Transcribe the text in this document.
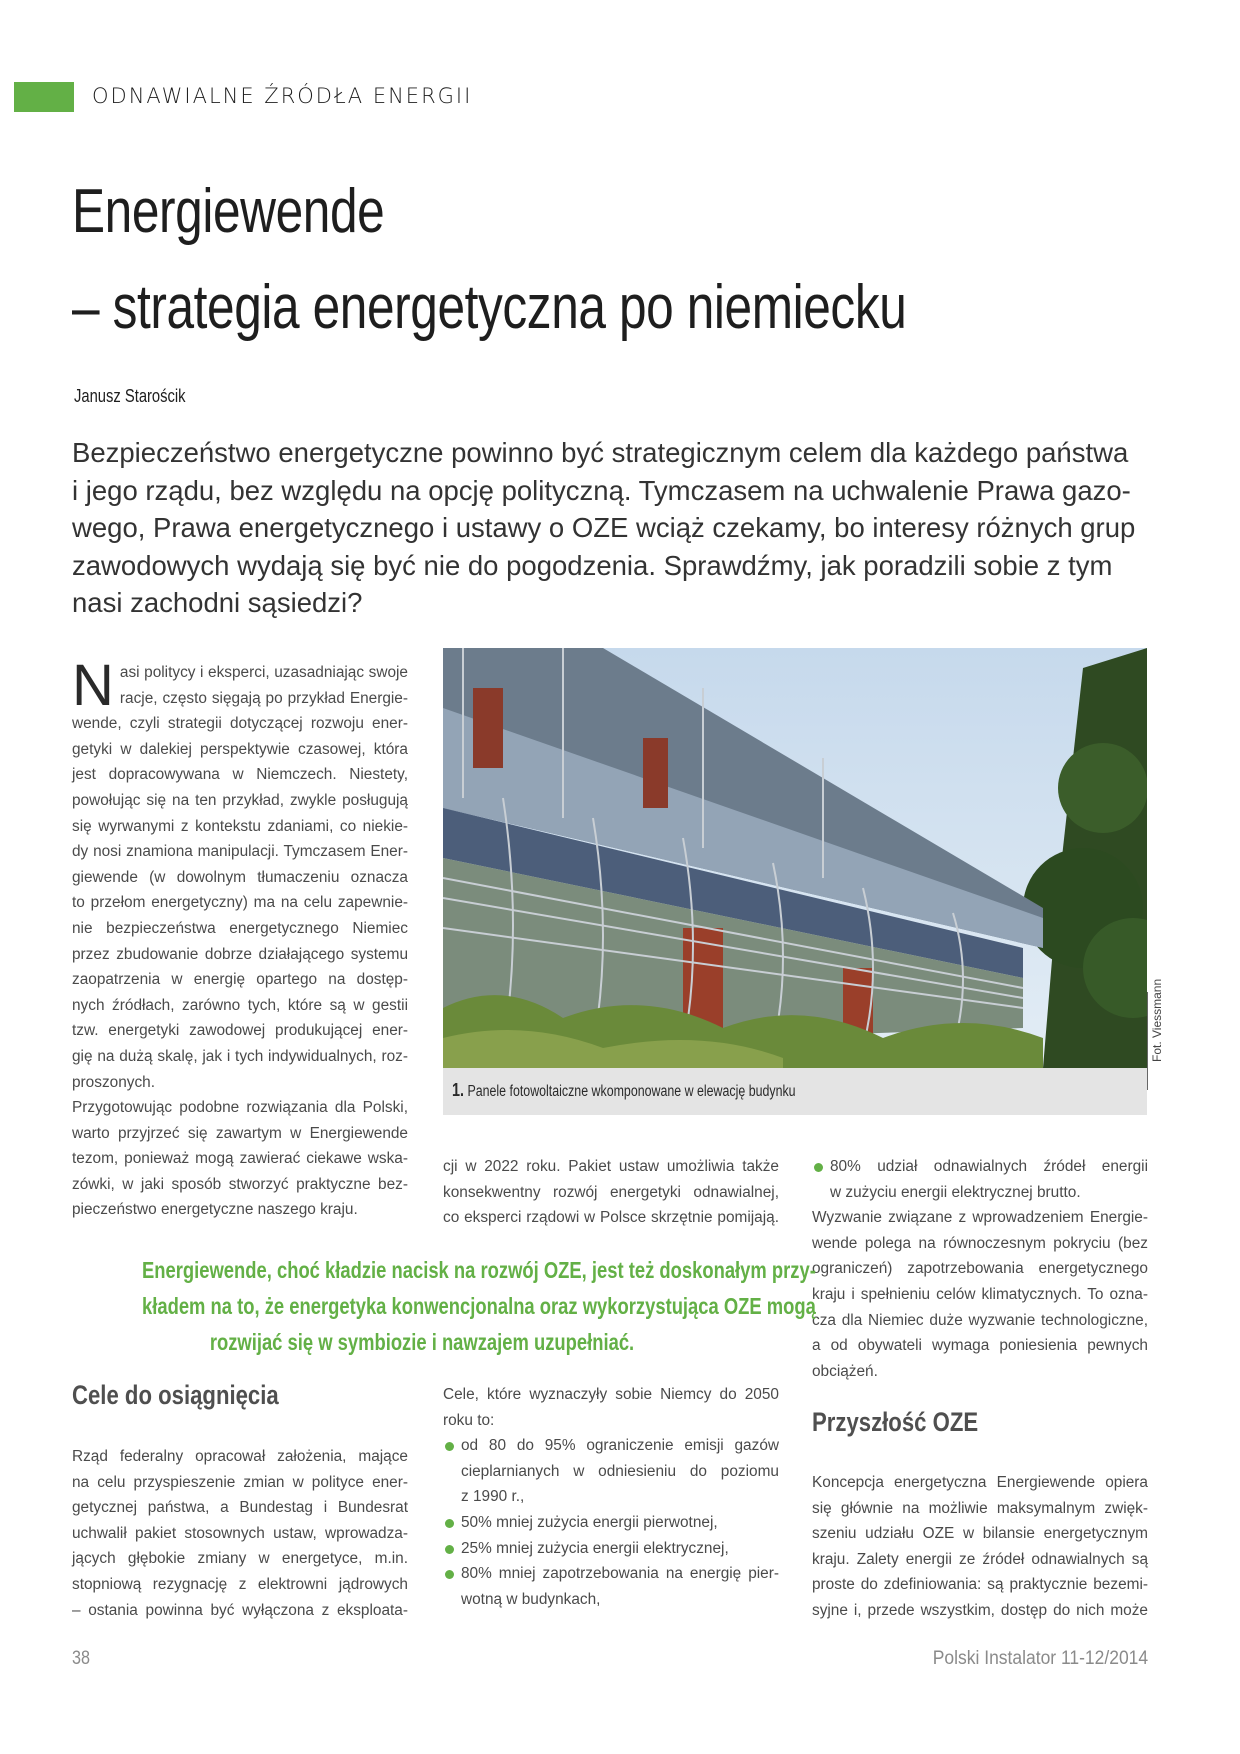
ODNAWIALNE ŹRÓDŁA ENERGII
Energiewende
– strategia energetyczna po niemiecku
Janusz Starościk
Bezpieczeństwo energetyczne powinno być strategicznym celem dla każdego państwa
i jego rządu, bez względu na opcję polityczną. Tymczasem na uchwalenie Prawa gazo-
wego, Prawa energetycznego i ustawy o OZE wciąż czekamy, bo interesy różnych grup
zawodowych wydają się być nie do pogodzenia. Sprawdźmy, jak poradzili sobie z tym
nasi zachodni sąsiedzi?
N asi politycy i eksperci, uzasadniając swoje
racje, często sięgają po przykład Energie-
wende, czyli strategii dotyczącej rozwoju ener-
getyki w dalekiej perspektywie czasowej, która
jest dopracowywana w Niemczech. Niestety,
powołując się na ten przykład, zwykle posługują
się wyrwanymi z kontekstu zdaniami, co niekie-
dy nosi znamiona manipulacji. Tymczasem Ener-
giewende (w dowolnym tłumaczeniu oznacza
to przełom energetyczny) ma na celu zapewnie-
nie bezpieczeństwa energetycznego Niemiec
przez zbudowanie dobrze działającego systemu
zaopatrzenia w energię opartego na dostęp-
nych źródłach, zarówno tych, które są w gestii
tzw. energetyki zawodowej produkującej ener-
gię na dużą skalę, jak i tych indywidualnych, roz-
proszonych.
Przygotowując podobne rozwiązania dla Polski,
warto przyjrzeć się zawartym w Energiewende
tezom, ponieważ mogą zawierać ciekawe wska-
zówki, w jaki sposób stworzyć praktyczne bez-
pieczeństwo energetyczne naszego kraju.
1. Panele fotowoltaiczne wkomponowane w elewację budynku
Fot. Viessmann
cji w 2022 roku. Pakiet ustaw umożliwia także
konsekwentny rozwój energetyki odnawialnej,
co eksperci rządowi w Polsce skrzętnie pomijają.
80% udział odnawialnych źródeł energii
w zużyciu energii elektrycznej brutto.
Wyzwanie związane z wprowadzeniem Energie-
wende polega na równoczesnym pokryciu (bez
ograniczeń) zapotrzebowania energetycznego
kraju i spełnieniu celów klimatycznych. To ozna-
cza dla Niemiec duże wyzwanie technologiczne,
a od obywateli wymaga poniesienia pewnych
obciążeń.
Energiewende, choć kładzie nacisk na rozwój OZE, jest też doskonałym przy-
kładem na to, że energetyka konwencjonalna oraz wykorzystująca OZE mogą
rozwijać się w symbiozie i nawzajem uzupełniać.
Cele do osiągnięcia
Rząd federalny opracował założenia, mające
na celu przyspieszenie zmian w polityce ener-
getycznej państwa, a Bundestag i Bundesrat
uchwalił pakiet stosownych ustaw, wprowadza-
jących głębokie zmiany w energetyce, m.in.
stopniową rezygnację z elektrowni jądrowych
– ostania powinna być wyłączona z eksploata-
Cele, które wyznaczyły sobie Niemcy do 2050
roku to:
od 80 do 95% ograniczenie emisji gazów
cieplarnianych w odniesieniu do poziomu
z 1990 r.,
50% mniej zużycia energii pierwotnej,
25% mniej zużycia energii elektrycznej,
80% mniej zapotrzebowania na energię pier-
wotną w budynkach,
Przyszłość OZE
Koncepcja energetyczna Energiewende opiera
się głównie na możliwie maksymalnym zwięk-
szeniu udziału OZE w bilansie energetycznym
kraju. Zalety energii ze źródeł odnawialnych są
proste do zdefiniowania: są praktycznie bezemi-
syjne i, przede wszystkim, dostęp do nich może
38	Polski Instalator 11-12/2014
